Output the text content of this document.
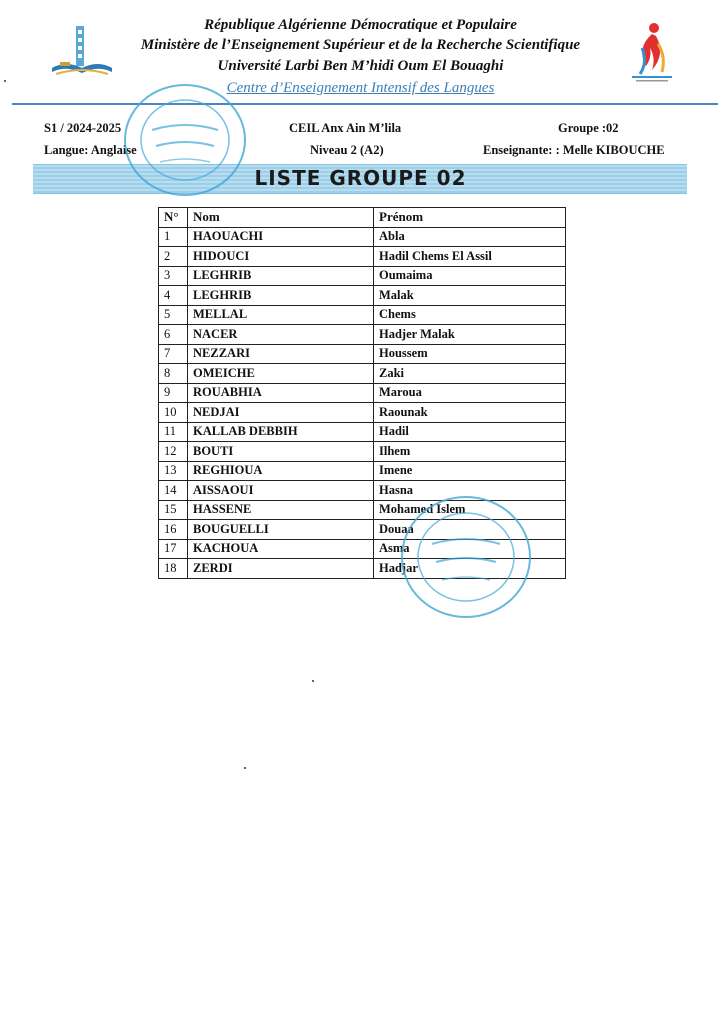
République Algérienne Démocratique et Populaire
Ministère de l’Enseignement Supérieur et de la Recherche Scientifique
Université Larbi Ben M’hidi Oum El Bouaghi
Centre d’Enseignement Intensif des Langues
S1 / 2024-2025	CEIL Anx Ain M’lila	Groupe :02
Langue: Anglaise	Niveau 2 (A2)	Enseignante: : Melle KIBOUCHE
LISTE GROUPE 02
N°	Nom	Prénom
1	HAOUACHI	Abla
2	HIDOUCI	Hadil Chems El Assil
3	LEGHRIB	Oumaima
4	LEGHRIB	Malak
5	MELLAL	Chems
6	NACER	Hadjer Malak
7	NEZZARI	Houssem
8	OMEICHE	Zaki
9	ROUABHIA	Maroua
10	NEDJAI	Raounak
11	KALLAB DEBBIH	Hadil
12	BOUTI	Ilhem
13	REGHIOUA	Imene
14	AISSAOUI	Hasna
15	HASSENE	Mohamed Islem
16	BOUGUELLI	Douaa
17	KACHOUA	Asma
18	ZERDI	Hadjar
